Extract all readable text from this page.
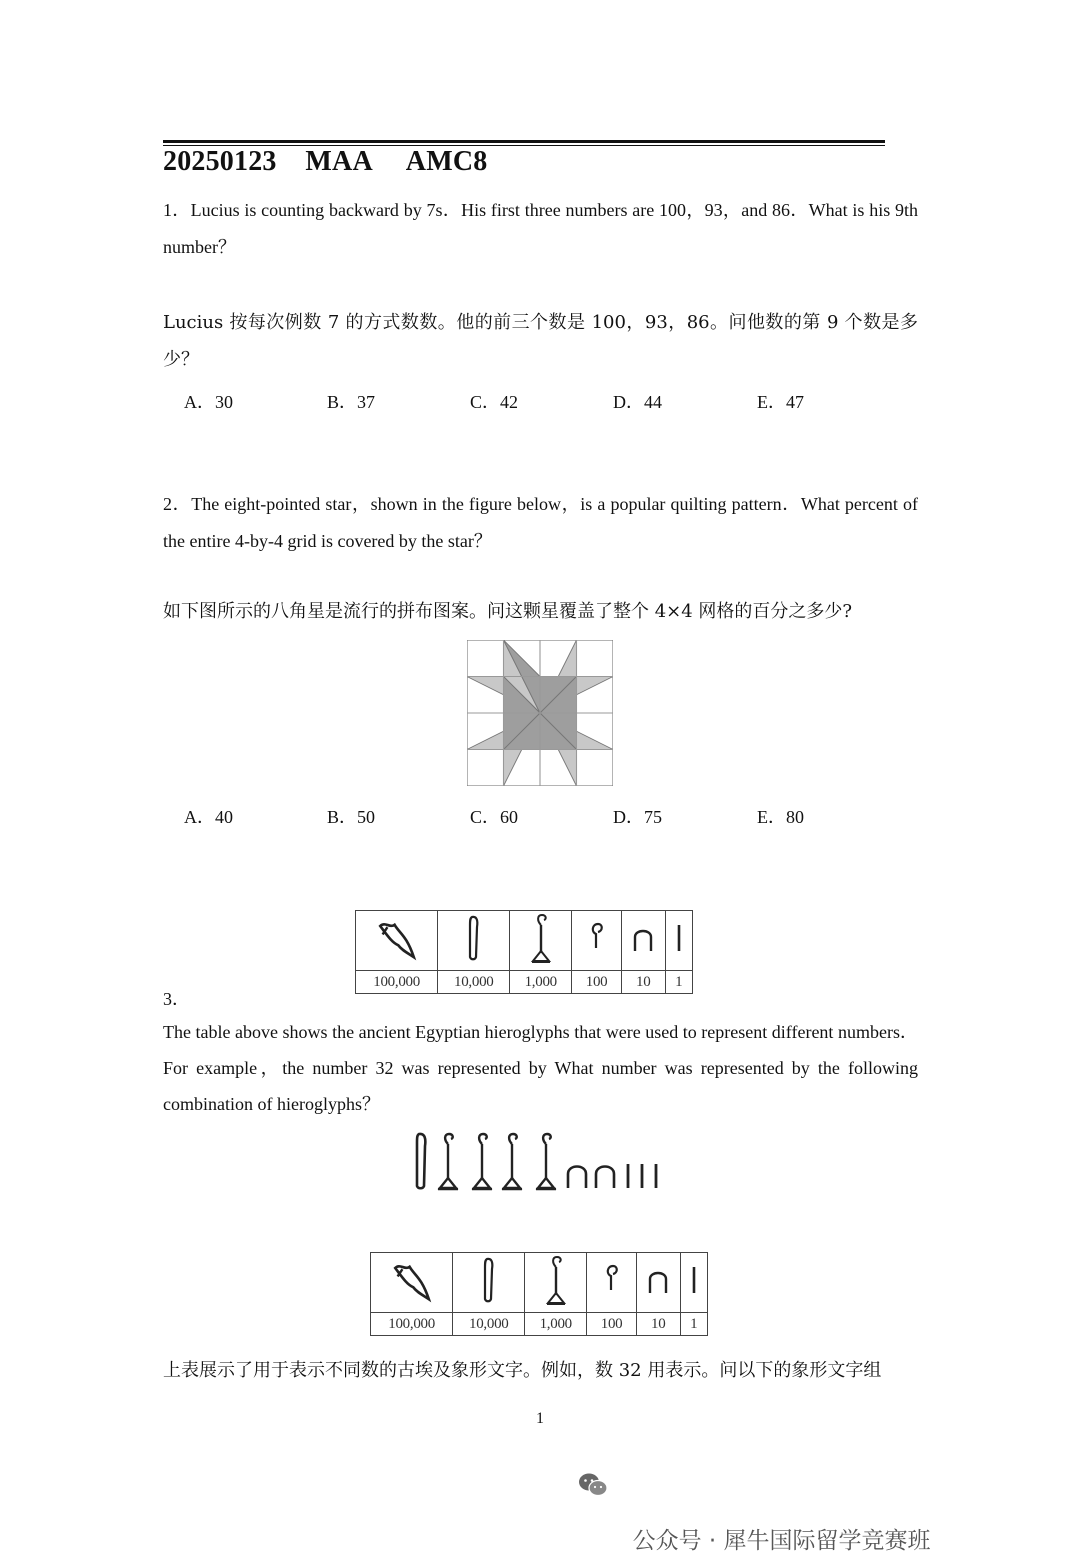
20250123    MAA     AMC8
1．Lucius is counting backward by 7s．His first three numbers are 100，93，and 86．What is his 9th number？
Lucius 按每次例数 7 的方式数数。他的前三个数是 100，93，86。问他数的第 9 个数是多少？
A．30	B．37	C．42	D．44	E．47
2．The eight-pointed star，shown in the figure below，is a popular quilting pattern．What percent of the entire 4-by-4 grid is covered by the star？
如下图所示的八角星是流行的拼布图案。问这颗星覆盖了整个 4×4 网格的百分之多少?
A．40	B．50	C．60	D．75	E．80

100,000	10,000	1,000	100	10	1
3．
The table above shows the ancient Egyptian hieroglyphs that were used to represent different numbers．For example，the number 32 was represented by What number was represented by the following combination of hieroglyphs？

100,000	10,000	1,000	100	10	1
上表展示了用于表示不同数的古埃及象形文字。例如，数 32 用表示。问以下的象形文字组
1

公众号 · 犀牛国际留学竞赛班
